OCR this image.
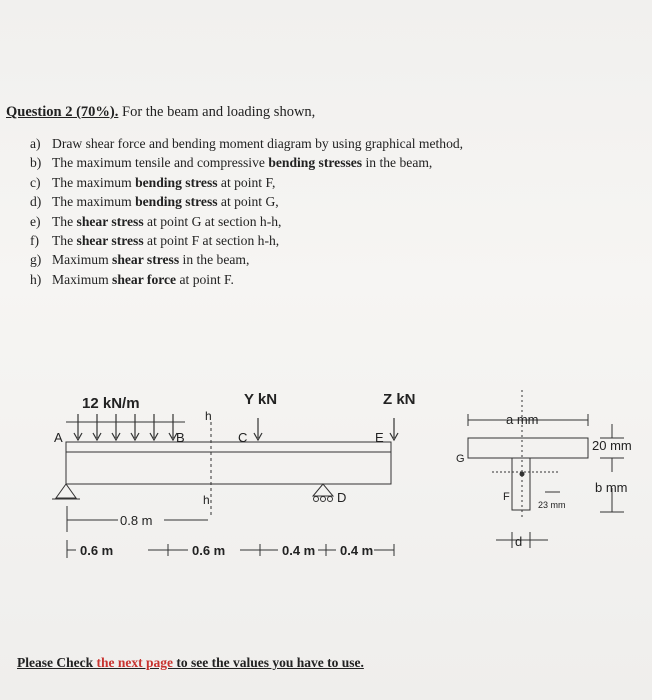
Question 2 (70%). For the beam and loading shown,
a) Draw shear force and bending moment diagram by using graphical method,
b) The maximum tensile and compressive bending stresses in the beam,
c) The maximum bending stress at point F,
d) The maximum bending stress at point G,
e) The shear stress at point G at section h-h,
f) The shear stress at point F at section h-h,
g) Maximum shear stress in the beam,
h) Maximum shear force at point F.
12 kN/m	Y kN	Z kN
A	B	C
D
E
h
h
0.8 m
0.6 m	0.6 m	0.4 m 0.4 m
a mm
20 mm
b mm
23 mm
d
G
F
Please Check the next page to see the values you have to use.
